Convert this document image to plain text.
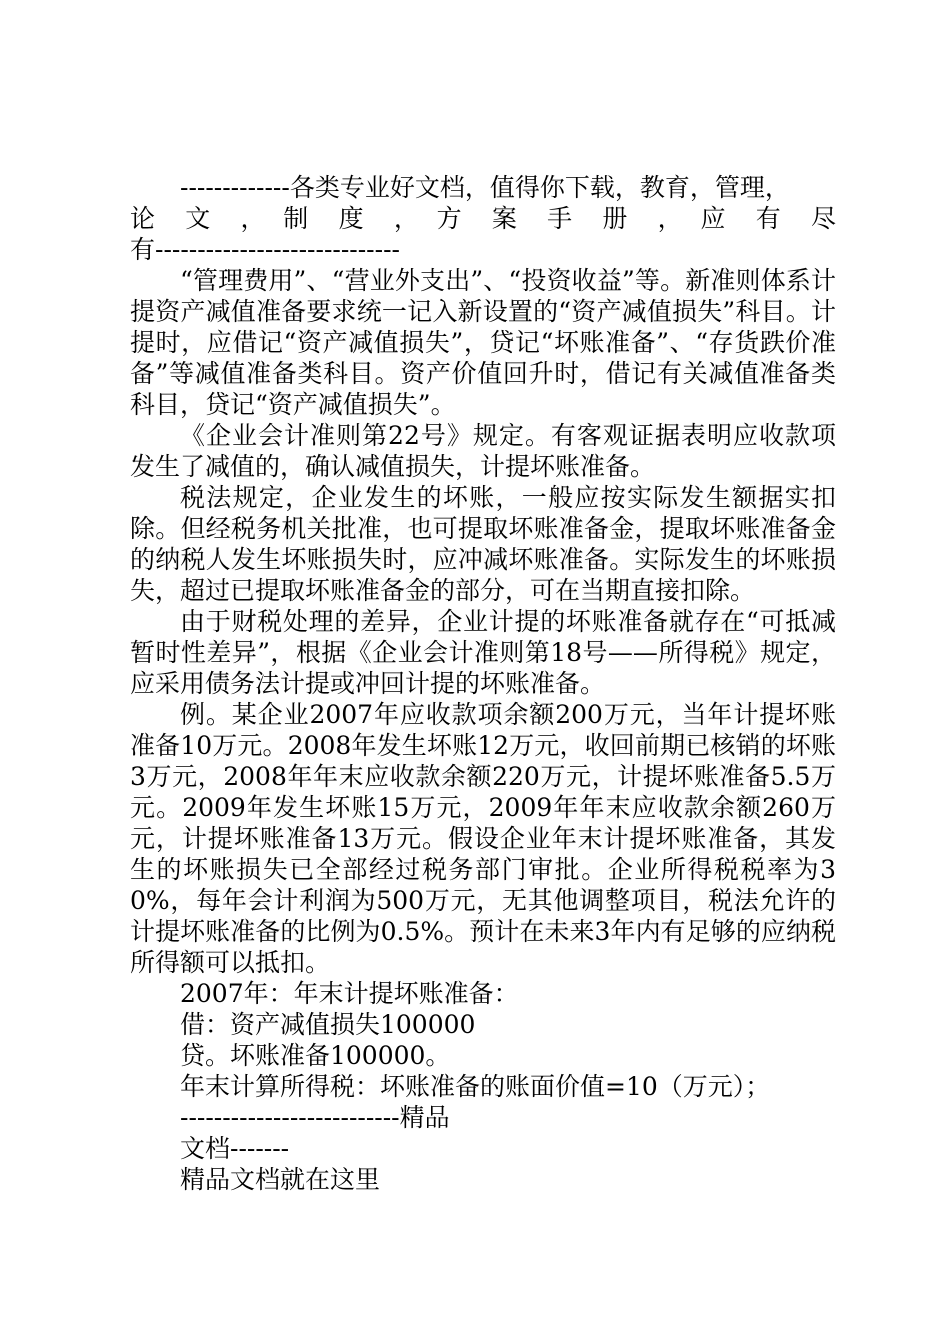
-------------各类专业好文档，值得你下载，教育，管理，

论　文　，　制　度　，　方　案　手　册　，　应　有　尽

有-----------------------------

“管理费用”、“营业外支出”、“投资收益”等。新准则体系计提资产减值准备要求统一记入新设置的“资产减值损失”科目。计提时，应借记“资产减值损失”，贷记“坏账准备”、“存货跌价准备”等减值准备类科目。资产价值回升时，借记有关减值准备类科目，贷记“资产减值损失”。

《企业会计准则第22号》规定。有客观证据表明应收款项发生了减值的，确认减值损失，计提坏账准备。

税法规定，企业发生的坏账，一般应按实际发生额据实扣除。但经税务机关批准，也可提取坏账准备金，提取坏账准备金的纳税人发生坏账损失时，应冲减坏账准备。实际发生的坏账损失，超过已提取坏账准备金的部分，可在当期直接扣除。

由于财税处理的差异，企业计提的坏账准备就存在“可抵减暂时性差异”，根据《企业会计准则第18号——所得税》规定，应采用债务法计提或冲回计提的坏账准备。

例。某企业2007年应收款项余额200万元，当年计提坏账准备10万元。2008年发生坏账12万元，收回前期已核销的坏账3万元，2008年年末应收款余额220万元，计提坏账准备5.5万元。2009年发生坏账15万元，2009年年末应收款余额260万元，计提坏账准备13万元。假设企业年末计提坏账准备，其发生的坏账损失已全部经过税务部门审批。企业所得税税率为30%，每年会计利润为500万元，无其他调整项目，税法允许的计提坏账准备的比例为0.5%。预计在未来3年内有足够的应纳税所得额可以抵扣。

2007年：年末计提坏账准备：

借：资产减值损失100000

贷。坏账准备100000。

年末计算所得税：坏账准备的账面价值=10（万元）；

--------------------------精品

文档-------

精品文档就在这里
